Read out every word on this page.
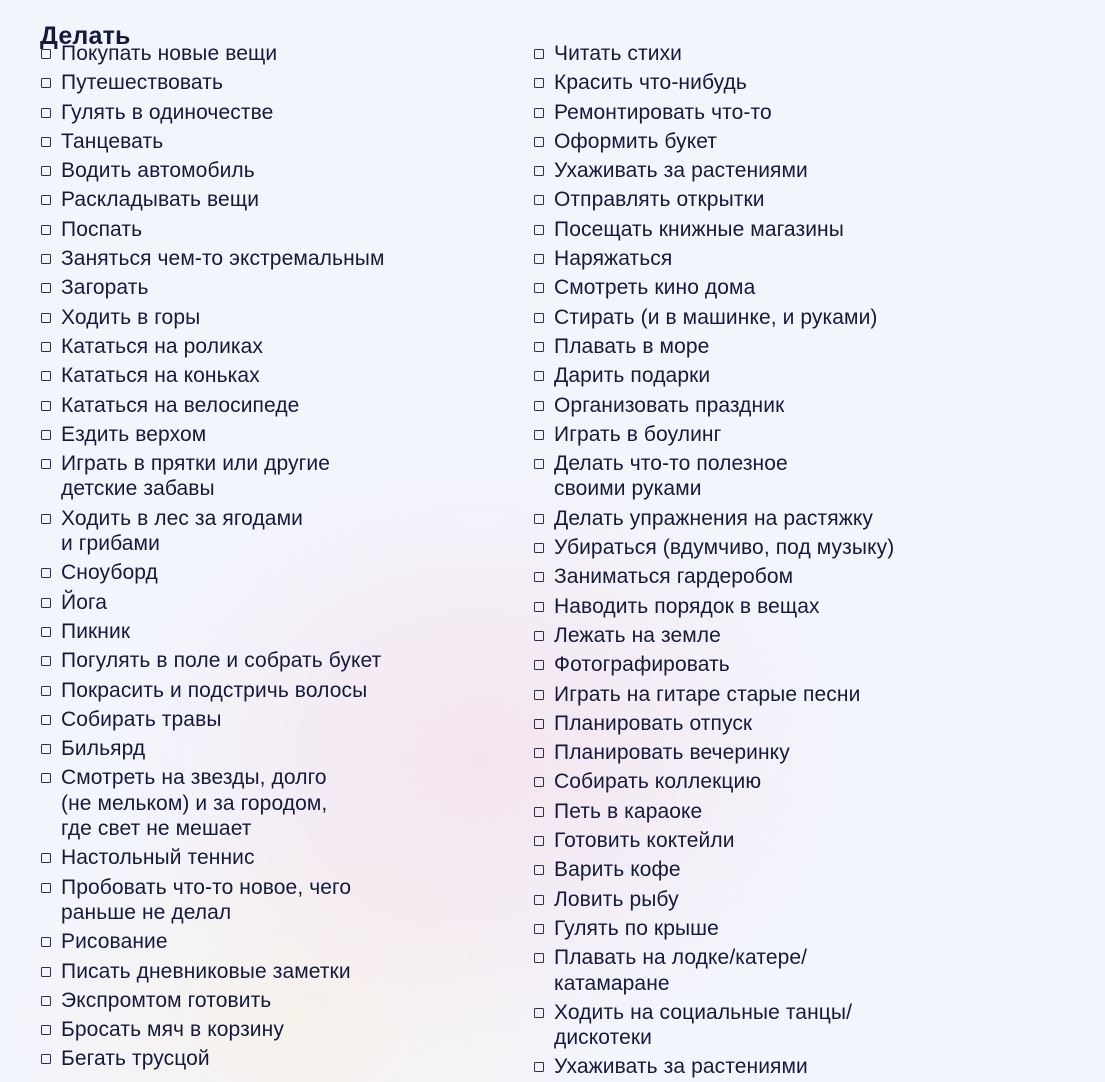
Делать
Покупать новые вещи
Путешествовать
Гулять в одиночестве
Танцевать
Водить автомобиль
Раскладывать вещи
Поспать
Заняться чем-то экстремальным
Загорать
Ходить в горы
Кататься на роликах
Кататься на коньках
Кататься на велосипеде
Ездить верхом
Играть в прятки или другие
детские забавы
Ходить в лес за ягодами
и грибами
Сноуборд
Йога
Пикник
Погулять в поле и собрать букет
Покрасить и подстричь волосы
Собирать травы
Бильярд
Смотреть на звезды, долго
(не мельком) и за городом,
где свет не мешает
Настольный теннис
Пробовать что-то новое, чего
раньше не делал
Рисование
Писать дневниковые заметки
Экспромтом готовить
Бросать мяч в корзину
Бегать трусцой
Читать стихи
Красить что-нибудь
Ремонтировать что-то
Оформить букет
Ухаживать за растениями
Отправлять открытки
Посещать книжные магазины
Наряжаться
Смотреть кино дома
Стирать (и в машинке, и руками)
Плавать в море
Дарить подарки
Организовать праздник
Играть в боулинг
Делать что-то полезное
своими руками
Делать упражнения на растяжку
Убираться (вдумчиво, под музыку)
Заниматься гардеробом
Наводить порядок в вещах
Лежать на земле
Фотографировать
Играть на гитаре старые песни
Планировать отпуск
Планировать вечеринку
Собирать коллекцию
Петь в караоке
Готовить коктейли
Варить кофе
Ловить рыбу
Гулять по крыше
Плавать на лодке/катере/
катамаране
Ходить на социальные танцы/
дискотеки
Ухаживать за растениями
